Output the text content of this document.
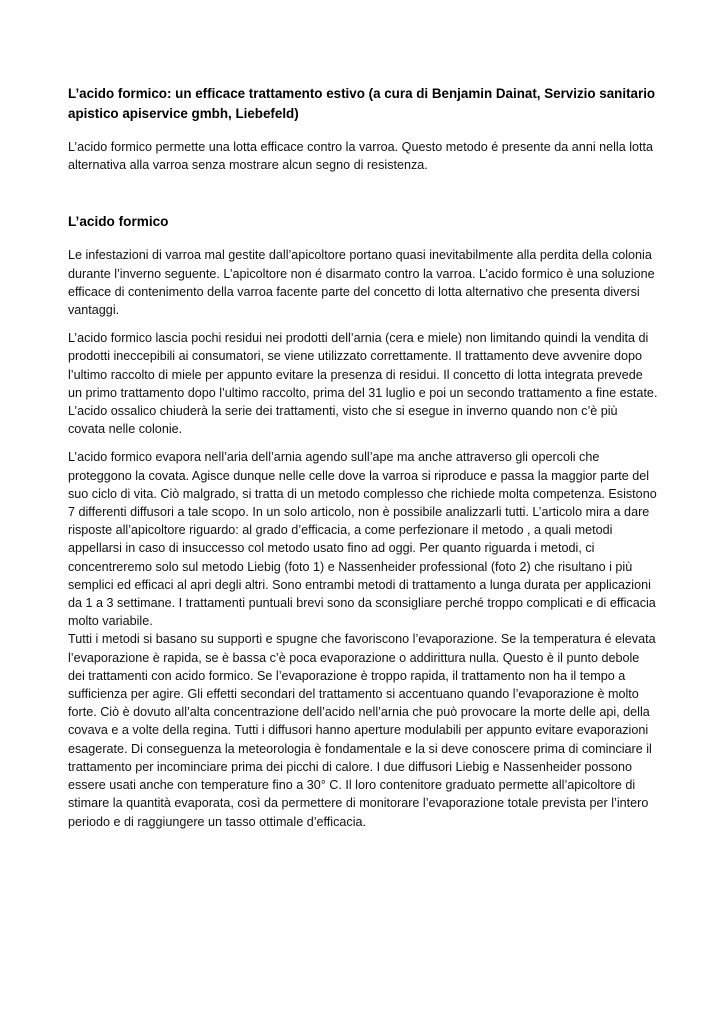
L’acido formico: un efficace trattamento estivo (a cura di Benjamin Dainat, Servizio sanitario apistico apiservice gmbh, Liebefeld)

L’acido formico permette una lotta efficace contro la varroa. Questo metodo é presente da anni nella lotta alternativa alla varroa senza mostrare alcun segno di resistenza.

L’acido formico

Le infestazioni di varroa mal gestite dall’apicoltore portano quasi inevitabilmente alla perdita della colonia durante l’inverno seguente. L’apicoltore non é disarmato contro la varroa. L’acido formico è una soluzione efficace di contenimento della varroa facente parte del concetto di lotta alternativo che presenta diversi vantaggi.

L’acido formico lascia pochi residui nei prodotti dell’arnia (cera e miele) non limitando quindi la vendita di prodotti ineccepibili ai consumatori, se viene utilizzato correttamente. Il trattamento deve avvenire dopo l’ultimo raccolto di miele per appunto evitare la presenza di residui. Il concetto di lotta integrata prevede un primo trattamento dopo l’ultimo raccolto, prima del 31 luglio e poi un secondo trattamento a fine estate. L’acido ossalico chiuderà la serie dei trattamenti, visto che si esegue in inverno quando non c’è più covata nelle colonie.

L’acido formico evapora nell’aria dell’arnia agendo sull’ape ma anche attraverso gli opercoli che proteggono la covata. Agisce dunque nelle celle dove la varroa si riproduce e passa la maggior parte del suo ciclo di vita. Ciò malgrado, si tratta di un metodo complesso che richiede molta competenza. Esistono 7 differenti diffusori a tale scopo. In un solo articolo, non è possibile analizzarli tutti. L’articolo mira a dare risposte all’apicoltore riguardo: al grado d’efficacia, a come perfezionare il metodo , a quali metodi appellarsi in caso di insuccesso col metodo usato fino ad oggi. Per quanto riguarda i metodi, ci concentreremo solo sul metodo Liebig (foto 1) e Nassenheider professional (foto 2) che risultano i più semplici ed efficaci al apri degli altri. Sono entrambi metodi di trattamento a lunga durata per applicazioni da 1 a 3 settimane. I trattamenti puntuali brevi sono da sconsigliare perché troppo complicati e di efficacia molto variabile.

Tutti i metodi si basano su supporti e spugne che favoriscono l’evaporazione. Se la temperatura é elevata l’evaporazione è rapida, se è bassa c’è poca evaporazione o addirittura nulla. Questo è il punto debole dei trattamenti con acido formico. Se l’evaporazione è troppo rapida, il trattamento non ha il tempo a sufficienza per agire. Gli effetti secondari del trattamento si accentuano quando l’evaporazione è molto forte. Ciò è dovuto all’alta concentrazione dell’acido nell’arnia che può provocare la morte delle api, della covava e a volte della regina. Tutti i diffusori hanno aperture modulabili per appunto evitare evaporazioni esagerate. Di conseguenza la meteorologia è fondamentale e la si deve conoscere prima di cominciare il trattamento per incominciare prima dei picchi di calore. I due diffusori Liebig e Nassenheider possono essere usati anche con temperature fino a 30° C. Il loro contenitore graduato permette all’apicoltore di stimare la quantità evaporata, così da permettere di monitorare l’evaporazione totale prevista per l’intero periodo e di raggiungere un tasso ottimale d’efficacia.
